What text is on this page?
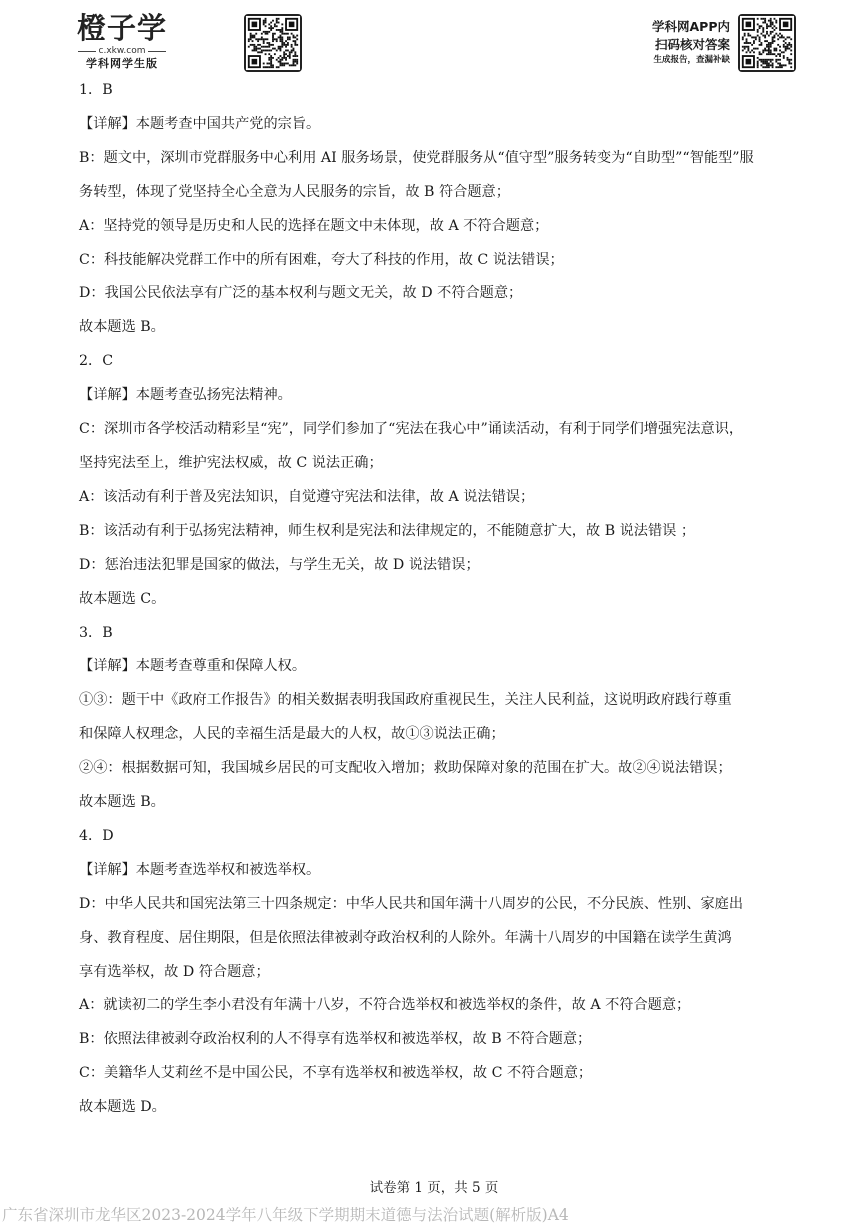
橙子学
c.xkw.com
学科网学生版
学科网APP内
扫码核对答案
生成报告，查漏补缺
1．B
【详解】本题考查中国共产党的宗旨。
B：题文中，深圳市党群服务中心利用 AI 服务场景，使党群服务从“值守型”服务转变为“自助型”“智能型”服
务转型，体现了党坚持全心全意为人民服务的宗旨，故 B 符合题意；
A：坚持党的领导是历史和人民的选择在题文中未体现，故 A 不符合题意；
C：科技能解决党群工作中的所有困难，夸大了科技的作用，故 C 说法错误；
D：我国公民依法享有广泛的基本权利与题文无关，故 D 不符合题意；
故本题选 B。
2．C
【详解】本题考查弘扬宪法精神。
C：深圳市各学校活动精彩呈“宪”，同学们参加了“宪法在我心中”诵读活动，有利于同学们增强宪法意识，
坚持宪法至上，维护宪法权威，故 C 说法正确；
A：该活动有利于普及宪法知识，自觉遵守宪法和法律，故 A 说法错误；
B：该活动有利于弘扬宪法精神，师生权利是宪法和法律规定的，不能随意扩大，故 B 说法错误 ；
D：惩治违法犯罪是国家的做法，与学生无关，故 D 说法错误；
故本题选 C。
3．B
【详解】本题考查尊重和保障人权。
①③：题干中《政府工作报告》的相关数据表明我国政府重视民生，关注人民利益，这说明政府践行尊重
和保障人权理念，人民的幸福生活是最大的人权，故①③说法正确；
②④：根据数据可知，我国城乡居民的可支配收入增加；救助保障对象的范围在扩大。故②④说法错误；
故本题选 B。
4．D
【详解】本题考查选举权和被选举权。
D：中华人民共和国宪法第三十四条规定：中华人民共和国年满十八周岁的公民，不分民族、性别、家庭出
身、教育程度、居住期限，但是依照法律被剥夺政治权利的人除外。年满十八周岁的中国籍在读学生黄鸿
享有选举权，故 D 符合题意；
A：就读初二的学生李小君没有年满十八岁，不符合选举权和被选举权的条件，故 A 不符合题意；
B：依照法律被剥夺政治权利的人不得享有选举权和被选举权，故 B 不符合题意；
C：美籍华人艾莉丝不是中国公民，不享有选举权和被选举权，故 C 不符合题意；
故本题选 D。
试卷第 1 页，共 5 页
广东省深圳市龙华区2023-2024学年八年级下学期期末道德与法治试题(解析版)A4
